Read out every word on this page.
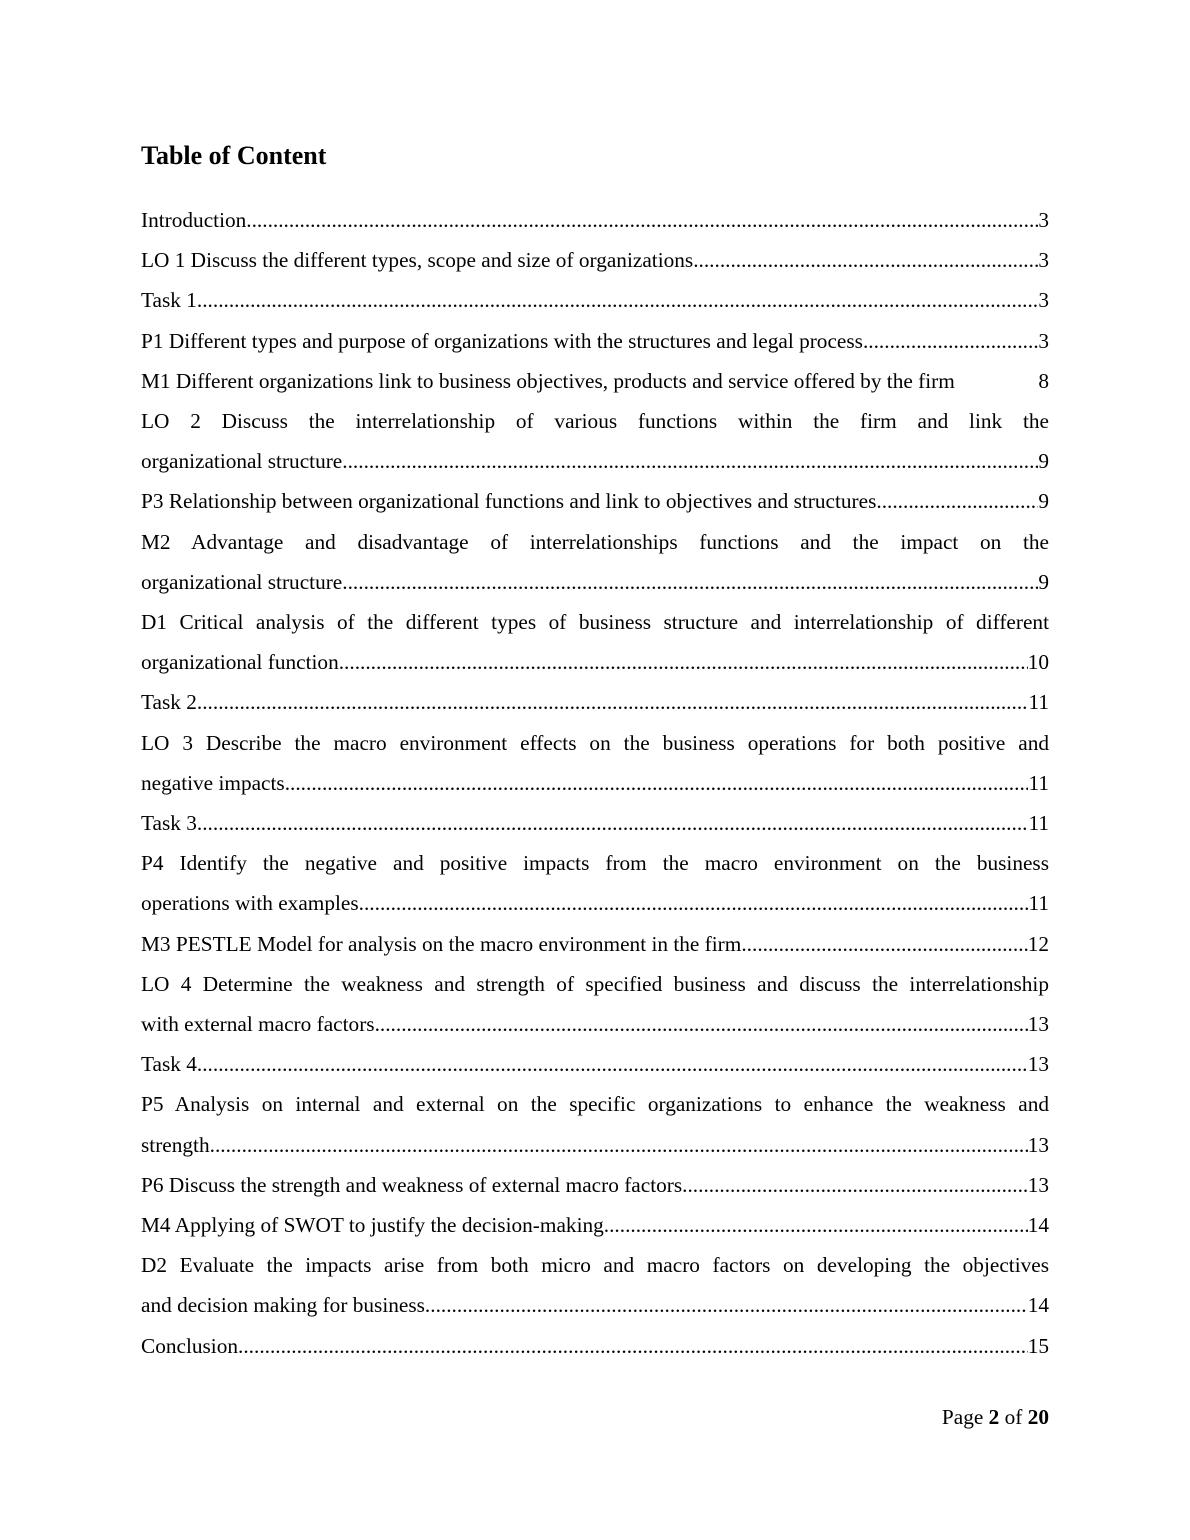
Table of Content
Introduction .....	3
LO 1 Discuss the different types, scope and size of organizations .....	3
Task 1 .....	3
P1 Different types and purpose of organizations with the structures and legal process .....	3
M1 Different organizations link to business objectives, products and service offered by the firm	8
LO 2 Discuss the interrelationship of various functions within the firm and link the
organizational structure .....	9
P3 Relationship between organizational functions and link to objectives and structures .....	9
M2 Advantage and disadvantage of interrelationships functions and the impact on the
organizational structure .....	9
D1 Critical analysis of the different types of business structure and interrelationship of different
organizational function .....	10
Task 2 .....	11
LO 3 Describe the macro environment effects on the business operations for both positive and
negative impacts .....	11
Task 3 .....	11
P4 Identify the negative and positive impacts from the macro environment on the business
operations with examples .....	11
M3 PESTLE Model for analysis on the macro environment in the firm .....	12
LO 4 Determine the weakness and strength of specified business and discuss the interrelationship
with external macro factors .....	13
Task 4 .....	13
P5 Analysis on internal and external on the specific organizations to enhance the weakness and
strength .....	13
P6 Discuss the strength and weakness of external macro factors .....	13
M4 Applying of SWOT to justify the decision-making .....	14
D2 Evaluate the impacts arise from both micro and macro factors on developing the objectives
and decision making for business .....	14
Conclusion .....	15
Page 2 of 20
